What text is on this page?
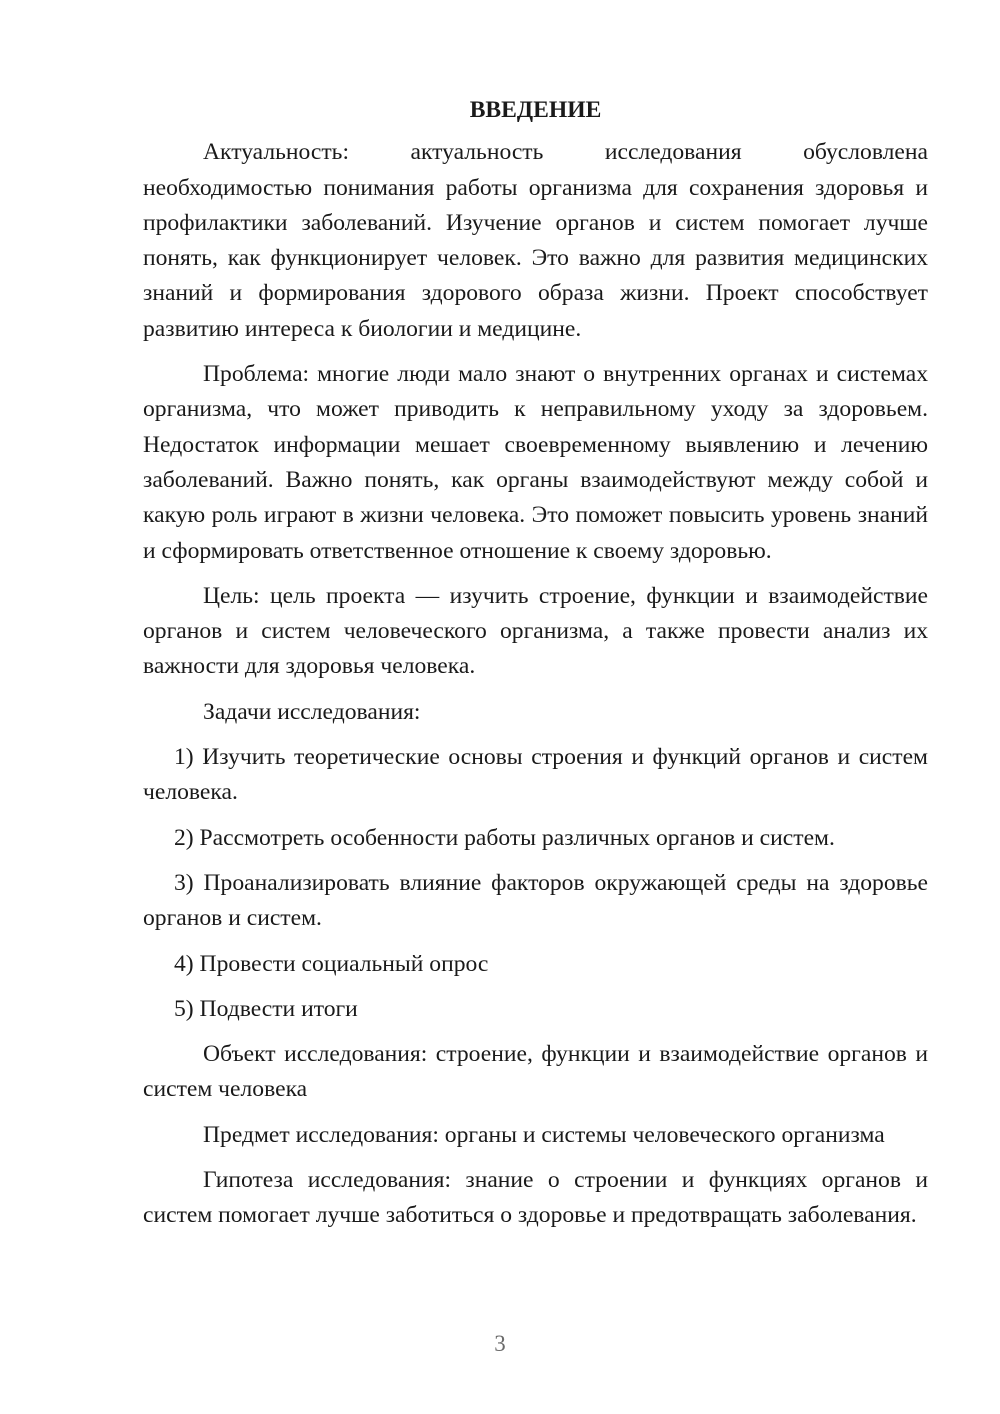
ВВЕДЕНИЕ

Актуальность: актуальность исследования обусловлена необходимостью понимания работы организма для сохранения здоровья и профилактики заболеваний. Изучение органов и систем помогает лучше понять, как функционирует человек. Это важно для развития медицинских знаний и формирования здорового образа жизни. Проект способствует развитию интереса к биологии и медицине.

Проблема: многие люди мало знают о внутренних органах и системах организма, что может приводить к неправильному уходу за здоровьем. Недостаток информации мешает своевременному выявлению и лечению заболеваний. Важно понять, как органы взаимодействуют между собой и какую роль играют в жизни человека. Это поможет повысить уровень знаний и сформировать ответственное отношение к своему здоровью.

Цель: цель проекта — изучить строение, функции и взаимодействие органов и систем человеческого организма, а также провести анализ их важности для здоровья человека.

Задачи исследования:

1) Изучить теоретические основы строения и функций органов и систем человека.

2) Рассмотреть особенности работы различных органов и систем.

3) Проанализировать влияние факторов окружающей среды на здоровье органов и систем.

4) Провести социальный опрос

5) Подвести итоги

Объект исследования: строение, функции и взаимодействие органов и систем человека

Предмет исследования: органы и системы человеческого организма

Гипотеза исследования: знание о строении и функциях органов и систем помогает лучше заботиться о здоровье и предотвращать заболевания.

3
